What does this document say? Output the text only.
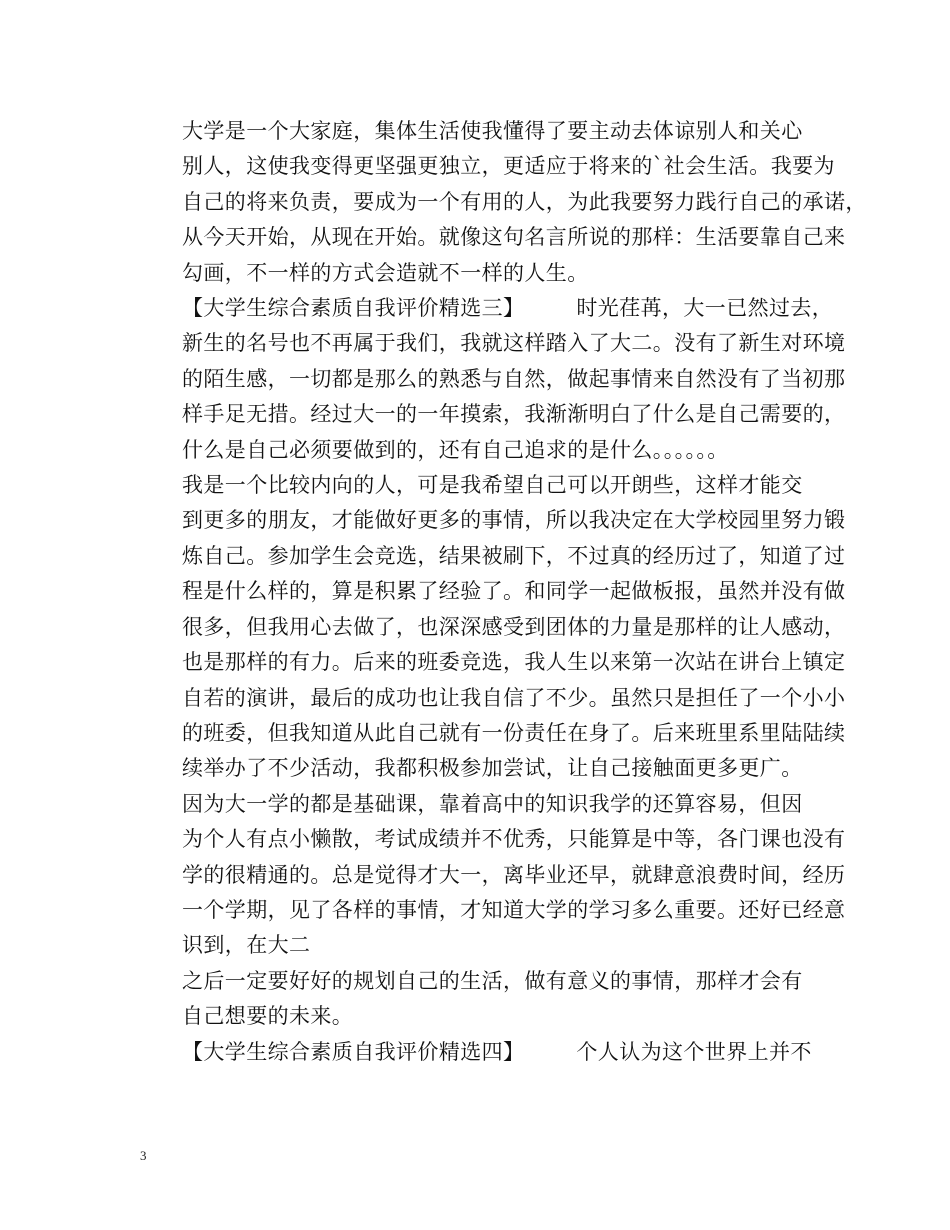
大学是一个大家庭，集体生活使我懂得了要主动去体谅别人和关心
别人，这使我变得更坚强更独立，更适应于将来的`社会生活。我要为
自己的将来负责，要成为一个有用的人，为此我要努力践行自己的承诺，
从今天开始，从现在开始。就像这句名言所说的那样：生活要靠自己来
勾画，不一样的方式会造就不一样的人生。

【大学生综合素质自我评价精选三】 时光荏苒，大一已然过去，
新生的名号也不再属于我们，我就这样踏入了大二。没有了新生对环境
的陌生感，一切都是那么的熟悉与自然，做起事情来自然没有了当初那
样手足无措。经过大一的一年摸索，我渐渐明白了什么是自己需要的，
什么是自己必须要做到的，还有自己追求的是什么。。。。。。

我是一个比较内向的人，可是我希望自己可以开朗些，这样才能交
到更多的朋友，才能做好更多的事情，所以我决定在大学校园里努力锻
炼自己。参加学生会竞选，结果被刷下，不过真的经历过了，知道了过
程是什么样的，算是积累了经验了。和同学一起做板报，虽然并没有做
很多，但我用心去做了，也深深感受到团体的力量是那样的让人感动，
也是那样的有力。后来的班委竞选，我人生以来第一次站在讲台上镇定
自若的演讲，最后的成功也让我自信了不少。虽然只是担任了一个小小
的班委，但我知道从此自己就有一份责任在身了。后来班里系里陆陆续
续举办了不少活动，我都积极参加尝试，让自己接触面更多更广。

因为大一学的都是基础课，靠着高中的知识我学的还算容易，但因
为个人有点小懒散，考试成绩并不优秀，只能算是中等，各门课也没有
学的很精通的。总是觉得才大一，离毕业还早，就肆意浪费时间，经历
一个学期，见了各样的事情，才知道大学的学习多么重要。还好已经意
识到，在大二

之后一定要好好的规划自己的生活，做有意义的事情，那样才会有
自己想要的未来。

【大学生综合素质自我评价精选四】 个人认为这个世界上并不

3
